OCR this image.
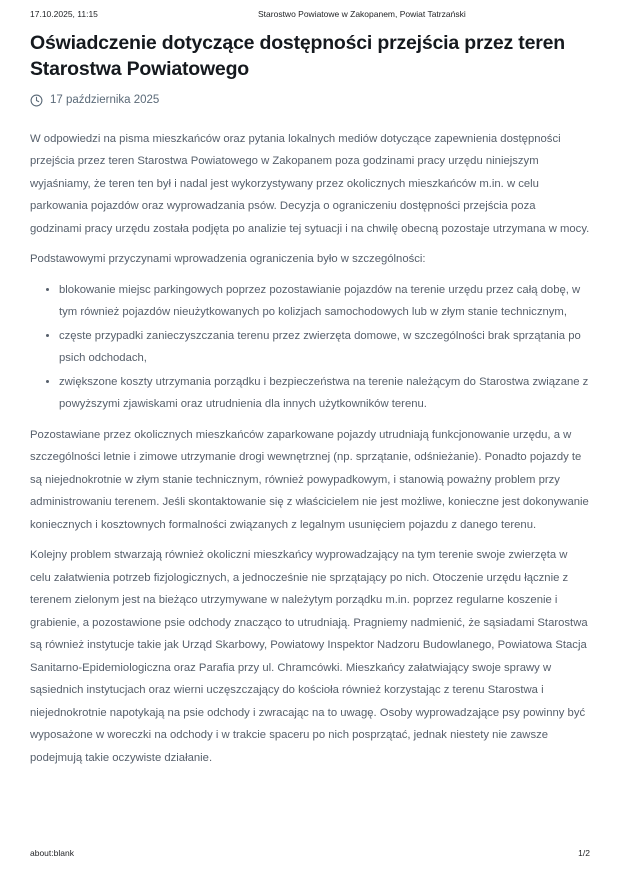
17.10.2025, 11:15	Starostwo Powiatowe w Zakopanem, Powiat Tatrzański
Oświadczenie dotyczące dostępności przejścia przez teren Starostwa Powiatowego
17 października 2025

W odpowiedzi na pisma mieszkańców oraz pytania lokalnych mediów dotyczące zapewnienia dostępności przejścia przez teren Starostwa Powiatowego w Zakopanem poza godzinami pracy urzędu niniejszym wyjaśniamy, że teren ten był i nadal jest wykorzystywany przez okolicznych mieszkańców m.in. w celu parkowania pojazdów oraz wyprowadzania psów. Decyzja o ograniczeniu dostępności przejścia poza godzinami pracy urzędu została podjęta po analizie tej sytuacji i na chwilę obecną pozostaje utrzymana w mocy.

Podstawowymi przyczynami wprowadzenia ograniczenia było w szczególności:

• blokowanie miejsc parkingowych poprzez pozostawianie pojazdów na terenie urzędu przez całą dobę, w tym również pojazdów nieużytkowanych po kolizjach samochodowych lub w złym stanie technicznym,
• częste przypadki zanieczyszczania terenu przez zwierzęta domowe, w szczególności brak sprzątania po psich odchodach,
• zwiększone koszty utrzymania porządku i bezpieczeństwa na terenie należącym do Starostwa związane z powyższymi zjawiskami oraz utrudnienia dla innych użytkowników terenu.

Pozostawiane przez okolicznych mieszkańców zaparkowane pojazdy utrudniają funkcjonowanie urzędu, a w szczególności letnie i zimowe utrzymanie drogi wewnętrznej (np. sprzątanie, odśnieżanie). Ponadto pojazdy te są niejednokrotnie w złym stanie technicznym, również powypadkowym, i stanowią poważny problem przy administrowaniu terenem. Jeśli skontaktowanie się z właścicielem nie jest możliwe, konieczne jest dokonywanie koniecznych i kosztownych formalności związanych z legalnym usunięciem pojazdu z danego terenu.

Kolejny problem stwarzają również okoliczni mieszkańcy wyprowadzający na tym terenie swoje zwierzęta w celu załatwienia potrzeb fizjologicznych, a jednocześnie nie sprzątający po nich. Otoczenie urzędu łącznie z terenem zielonym jest na bieżąco utrzymywane w należytym porządku m.in. poprzez regularne koszenie i grabienie, a pozostawione psie odchody znacząco to utrudniają. Pragniemy nadmienić, że sąsiadami Starostwa są również instytucje takie jak Urząd Skarbowy, Powiatowy Inspektor Nadzoru Budowlanego, Powiatowa Stacja Sanitarno-Epidemiologiczna oraz Parafia przy ul. Chramcówki. Mieszkańcy załatwiający swoje sprawy w sąsiednich instytucjach oraz wierni uczęszczający do kościoła również korzystając z terenu Starostwa i niejednokrotnie napotykają na psie odchody i zwracając na to uwagę. Osoby wyprowadzające psy powinny być wyposażone w woreczki na odchody i w trakcie spaceru po nich posprzątać, jednak niestety nie zawsze podejmują takie oczywiste działanie.

about:blank	1/2
